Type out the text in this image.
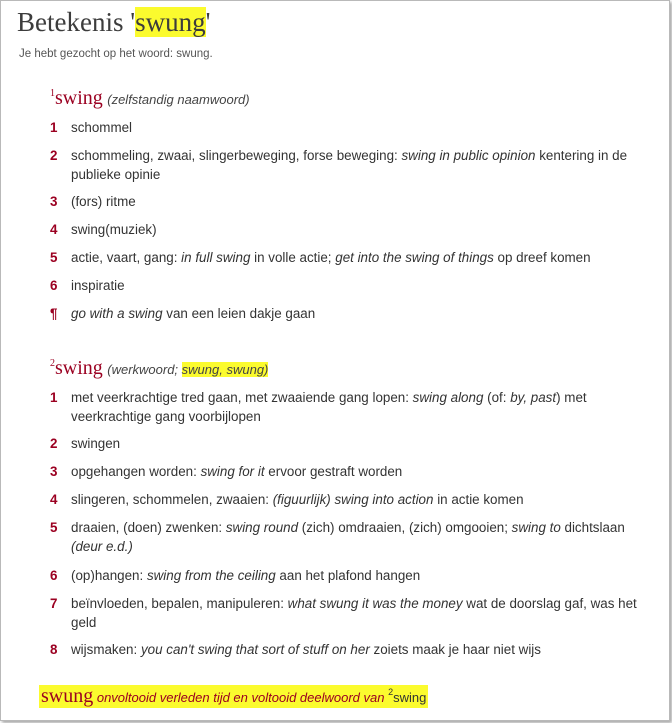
Betekenis 'swung'
Je hebt gezocht op het woord: swung.
$^1$swing (zelfstandig naamwoord)
1	schommel
2	schommeling, zwaai, slingerbeweging, forse beweging: swing in public opinion kentering in de publieke opinie
3	(fors) ritme
4	swing(muziek)
5	actie, vaart, gang: in full swing in volle actie; get into the swing of things op dreef komen
6	inspiratie
¶	go with a swing van een leien dakje gaan
$^2$swing (werkwoord; swung, swung)
1	met veerkrachtige tred gaan, met zwaaiende gang lopen: swing along (of: by, past) met veerkrachtige gang voorbijlopen
2	swingen
3	opgehangen worden: swing for it ervoor gestraft worden
4	slingeren, schommelen, zwaaien: (figuurlijk) swing into action in actie komen
5	draaien, (doen) zwenken: swing round (zich) omdraaien, (zich) omgooien; swing to dichtslaan (deur e.d.)
6	(op)hangen: swing from the ceiling aan het plafond hangen
7	beïnvloeden, bepalen, manipuleren: what swung it was the money wat de doorslag gaf, was het geld
8	wijsmaken: you can't swing that sort of stuff on her zoiets maak je haar niet wijs
swung onvoltooid verleden tijd en voltooid deelwoord van $^2$swing
